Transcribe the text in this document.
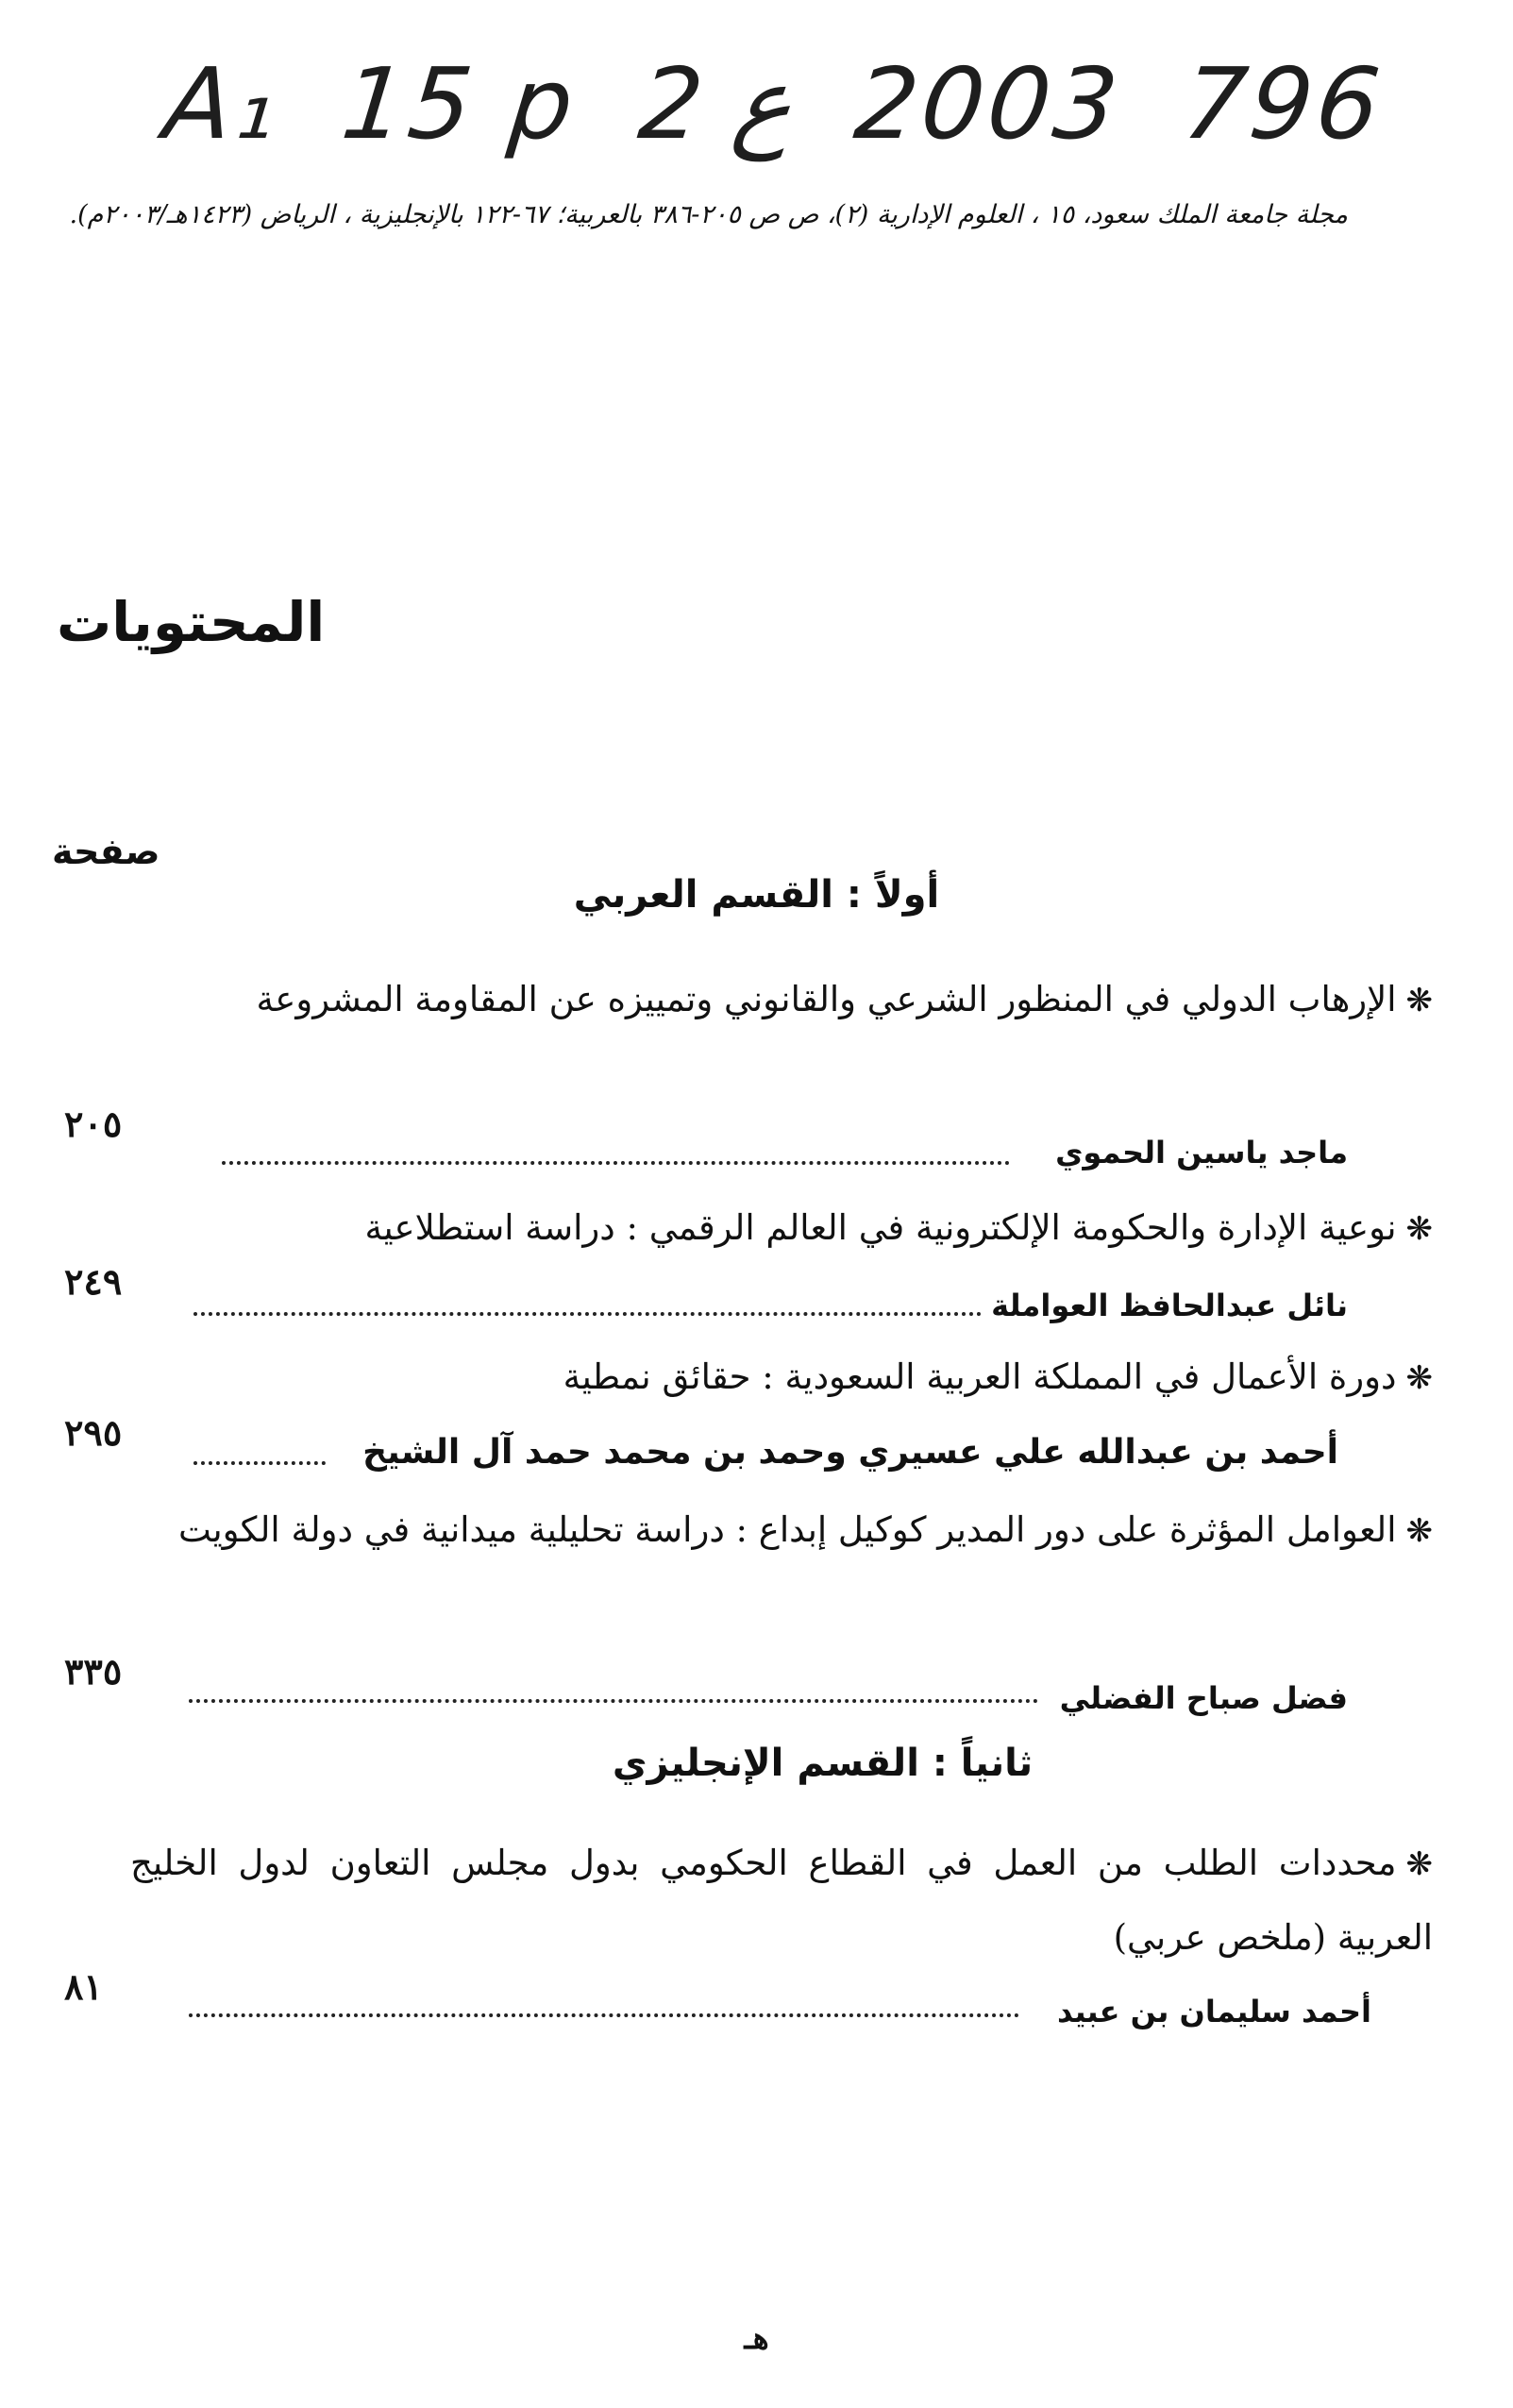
A₁ 15 p 2 ع 2003 796
مجلة جامعة الملك سعود، ١٥ ، العلوم الإدارية (٢)، ص ص ٢٠٥-٣٨٦ بالعربية؛ ٦٧-١٢٢ بالإنجليزية ، الرياض (١٤٢٣هـ/٢٠٠٣م).
المحتويات
صفحة
أولاً : القسم العربي
❋الإرهاب الدولي في المنظور الشرعي والقانوني وتمييزه عن المقاومة المشروعة
ماجد ياسين الحموي
٢٠٥
❋نوعية الإدارة والحكومة الإلكترونية في العالم الرقمي : دراسة استطلاعية
نائل عبدالحافظ العواملة
٢٤٩
❋دورة الأعمال في المملكة العربية السعودية : حقائق نمطية
أحمد بن عبدالله علي عسيري وحمد بن محمد حمد آل الشيخ
٢٩٥
❋العوامل المؤثرة على دور المدير كوكيل إبداع : دراسة تحليلية ميدانية في دولة الكويت
فضل صباح الفضلي
٣٣٥
ثانياً : القسم الإنجليزي
❋محددات الطلب من العمل في القطاع الحكومي بدول مجلس التعاون لدول الخليج العربية (ملخص عربي)
أحمد سليمان بن عبيد
٨١
هـ
